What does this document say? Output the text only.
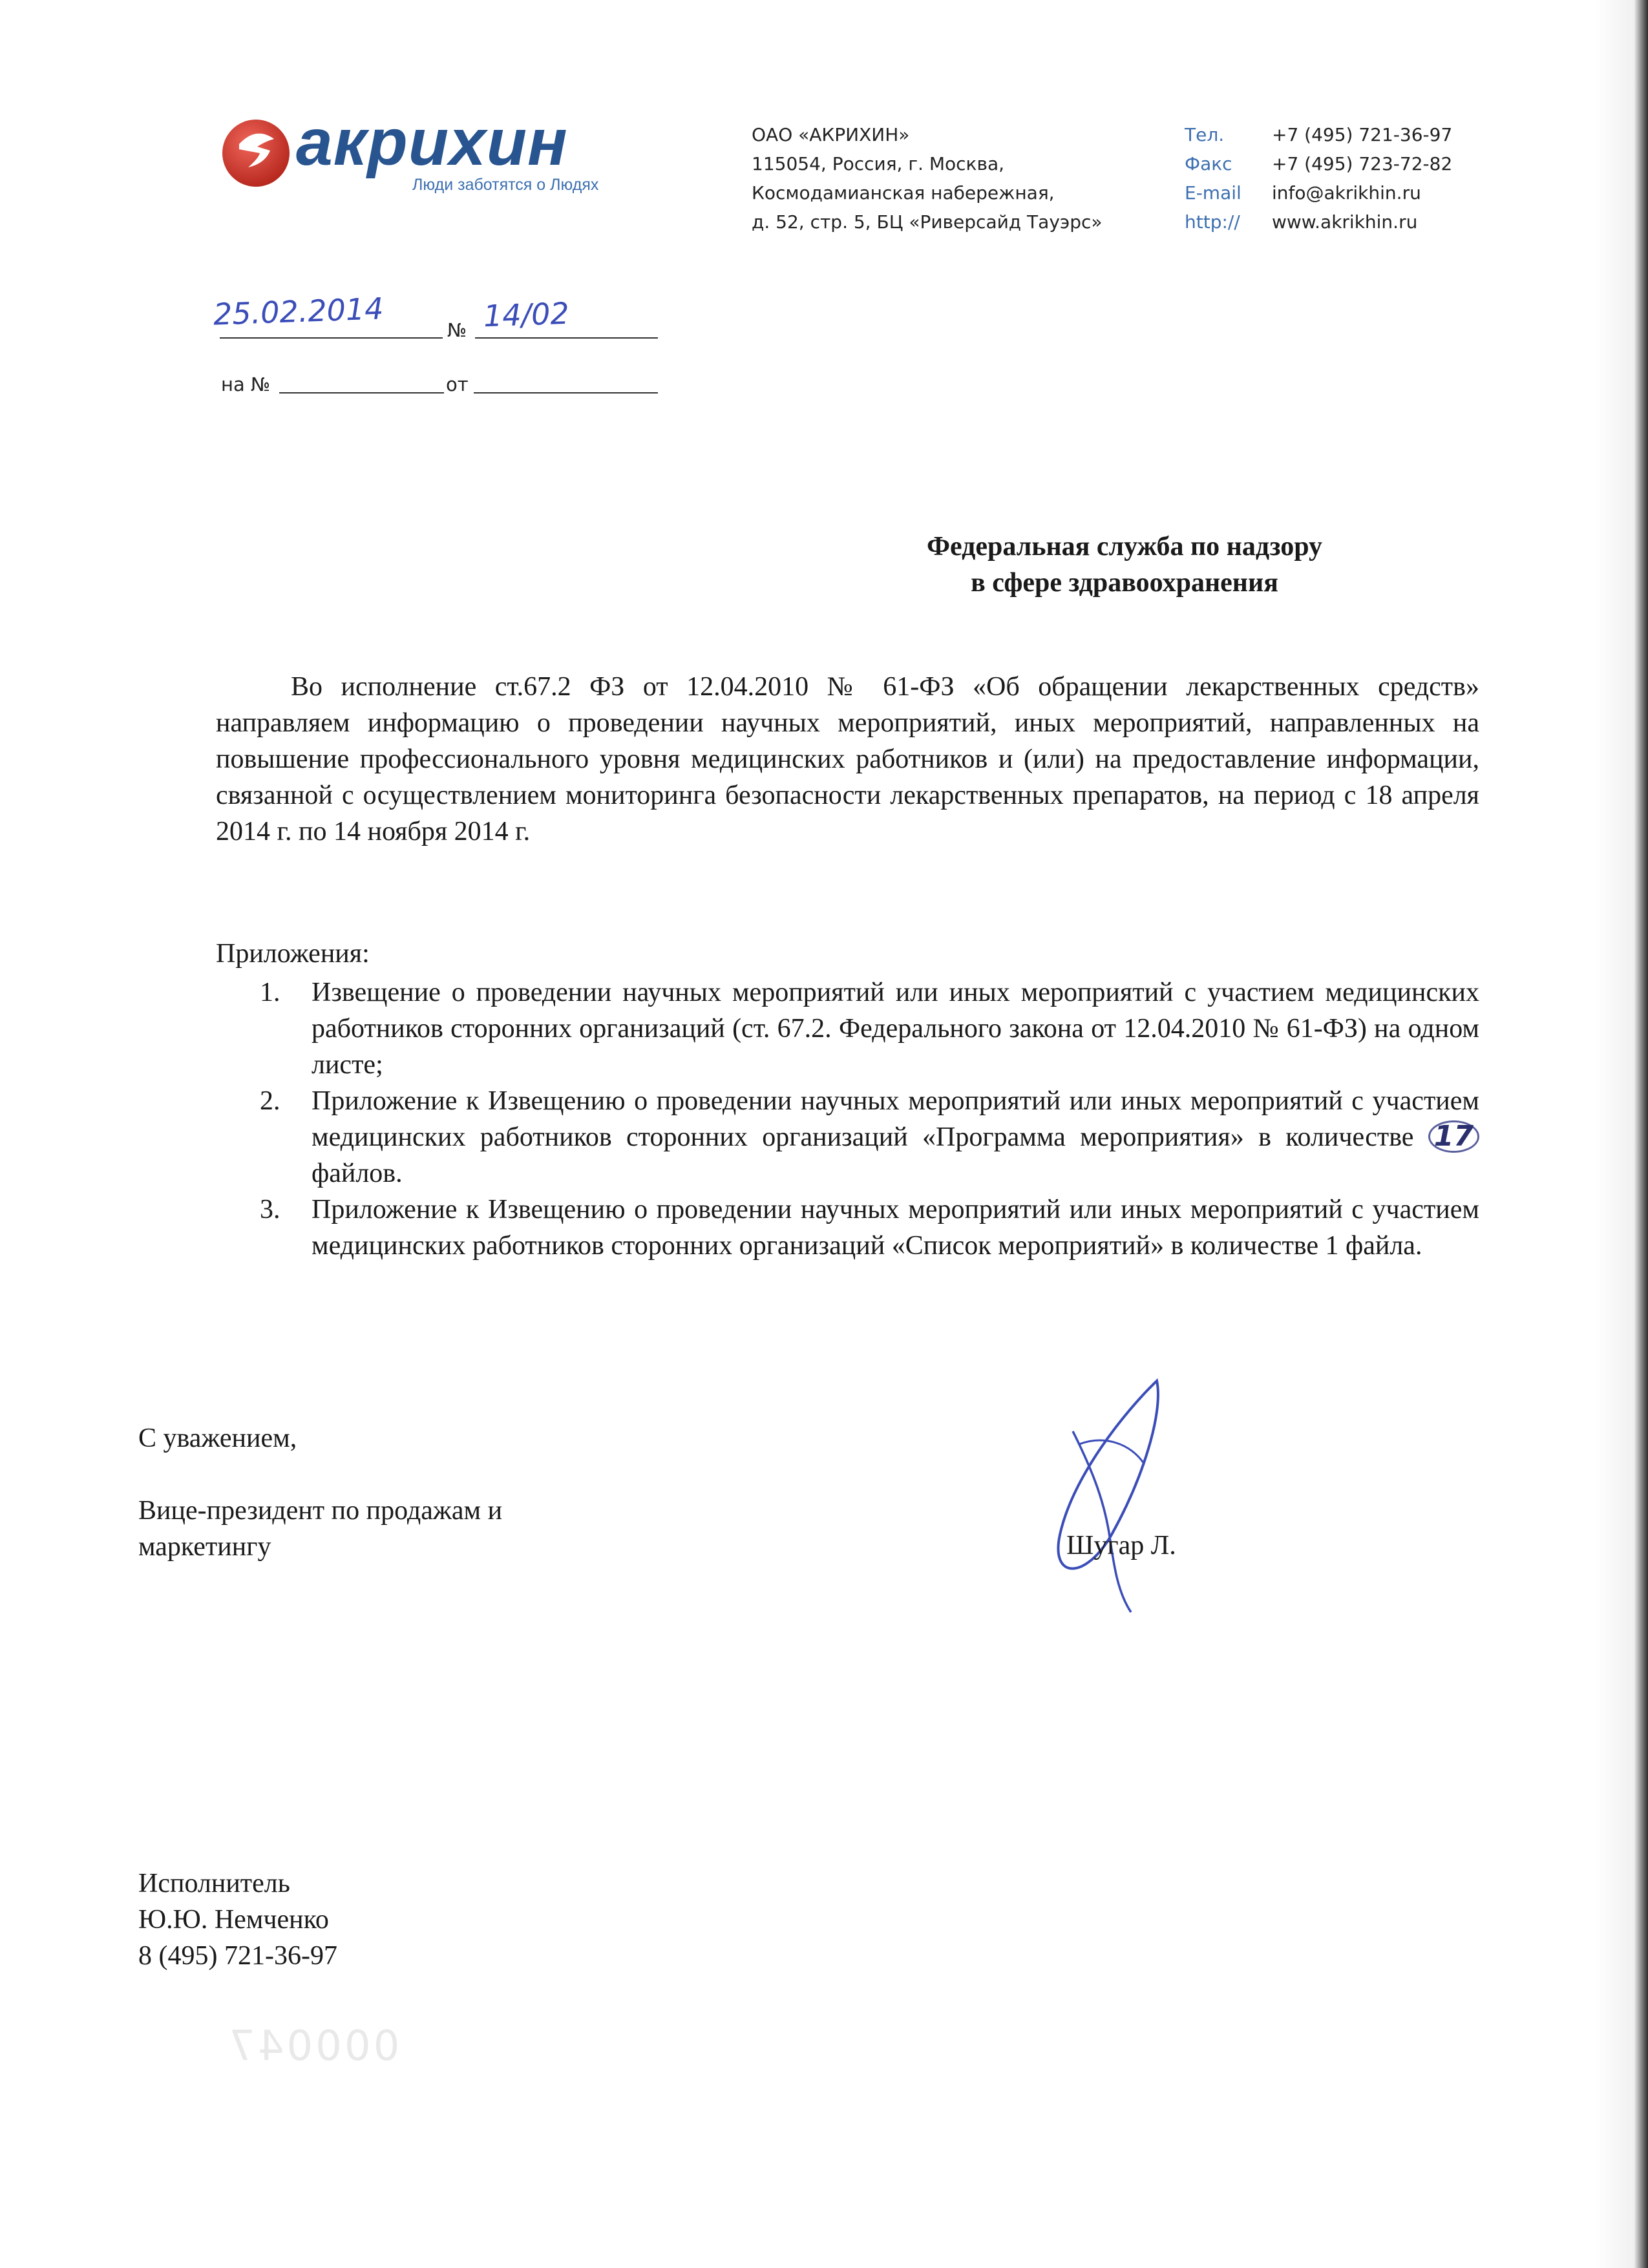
акрихин
Люди заботятся о Людях
ОАО «АКРИХИН»
115054, Россия, г. Москва,
Космодамианская набережная,
д. 52, стр. 5, БЦ «Риверсайд Тауэрс»
Тел.	+7 (495) 721-36-97
Факс	+7 (495) 723-72-82
E-mail	info@akrikhin.ru
http://	www.akrikhin.ru
25.02.2014	№ 14/02
на №	от
Федеральная служба по надзору
в сфере здравоохранения
Во исполнение ст.67.2 ФЗ от 12.04.2010 № 61-ФЗ «Об обращении лекарственных средств» направляем информацию о проведении научных мероприятий, иных мероприятий, направленных на повышение профессионального уровня медицинских работников и (или) на предоставление информации, связанной с осуществлением мониторинга безопасности лекарственных препаратов, на период с 18 апреля 2014 г. по 14 ноября 2014 г.
Приложения:
1. Извещение о проведении научных мероприятий или иных мероприятий с участием медицинских работников сторонних организаций (ст. 67.2. Федерального закона от 12.04.2010 № 61-ФЗ) на одном листе;
2. Приложение к Извещению о проведении научных мероприятий или иных мероприятий с участием медицинских работников сторонних организаций «Программа мероприятия» в количестве 17 файлов.
3. Приложение к Извещению о проведении научных мероприятий или иных мероприятий с участием медицинских работников сторонних организаций «Список мероприятий» в количестве 1 файла.
С уважением,
Вице-президент по продажам и
маркетингу	Шугар Л.
Исполнитель
Ю.Ю. Немченко
8 (495) 721-36-97
000047
